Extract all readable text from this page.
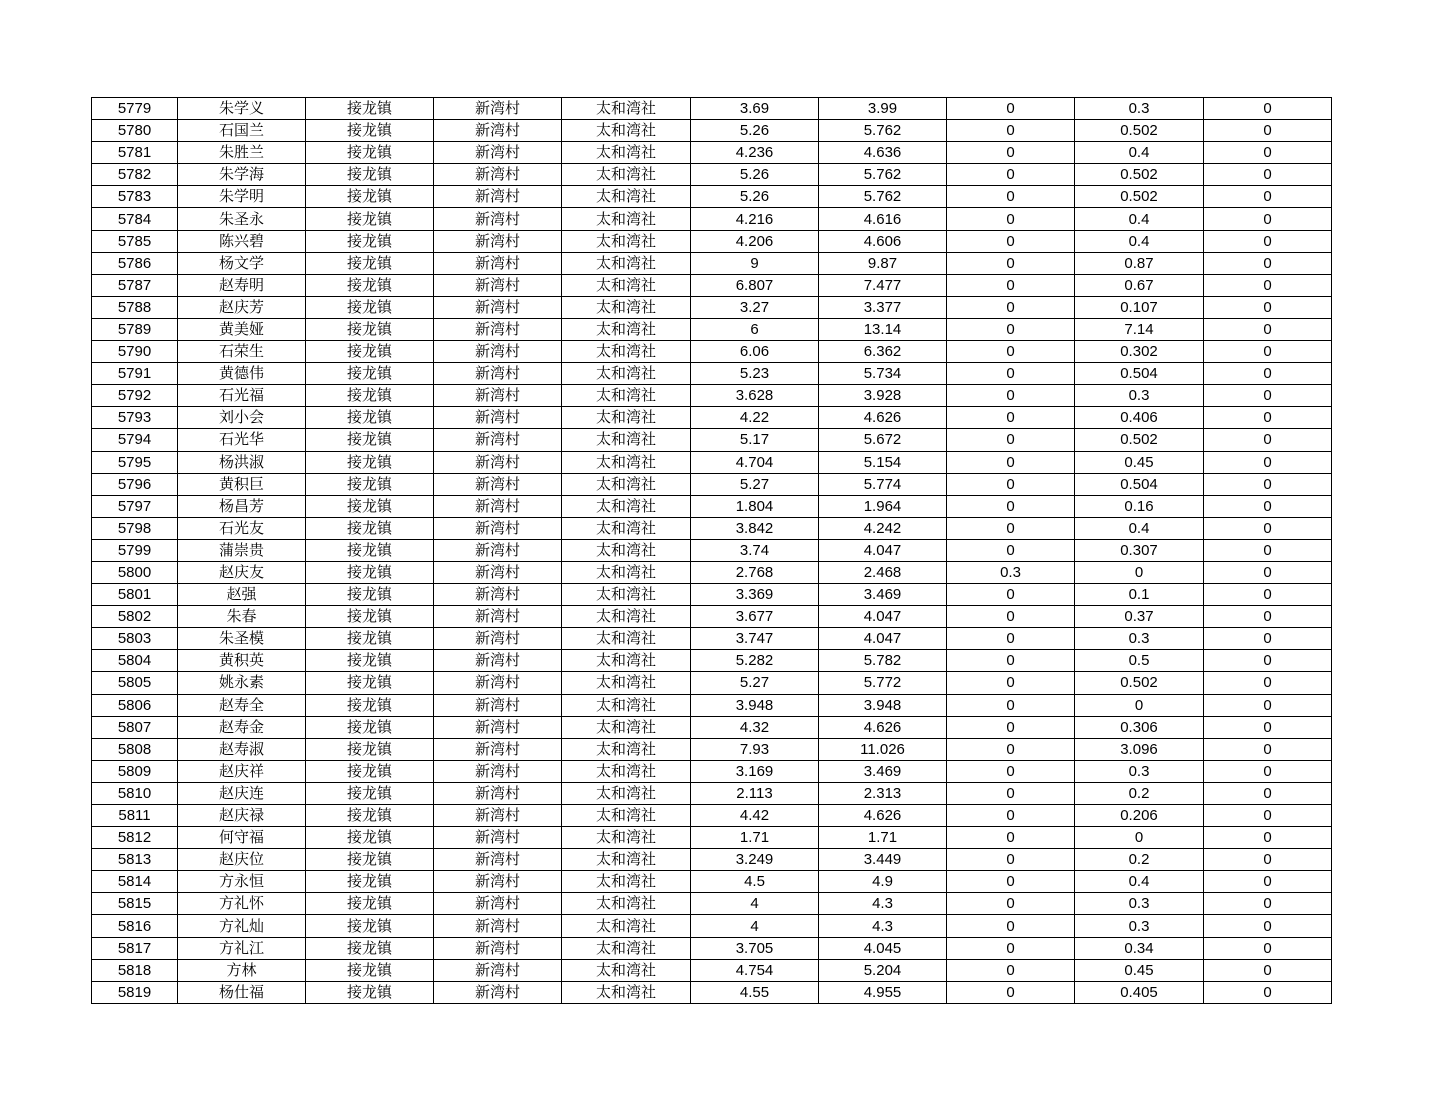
5779	朱学义	接龙镇	新湾村	太和湾社	3.69	3.99	0	0.3	0
5780	石国兰	接龙镇	新湾村	太和湾社	5.26	5.762	0	0.502	0
5781	朱胜兰	接龙镇	新湾村	太和湾社	4.236	4.636	0	0.4	0
5782	朱学海	接龙镇	新湾村	太和湾社	5.26	5.762	0	0.502	0
5783	朱学明	接龙镇	新湾村	太和湾社	5.26	5.762	0	0.502	0
5784	朱圣永	接龙镇	新湾村	太和湾社	4.216	4.616	0	0.4	0
5785	陈兴碧	接龙镇	新湾村	太和湾社	4.206	4.606	0	0.4	0
5786	杨文学	接龙镇	新湾村	太和湾社	9	9.87	0	0.87	0
5787	赵寿明	接龙镇	新湾村	太和湾社	6.807	7.477	0	0.67	0
5788	赵庆芳	接龙镇	新湾村	太和湾社	3.27	3.377	0	0.107	0
5789	黄美娅	接龙镇	新湾村	太和湾社	6	13.14	0	7.14	0
5790	石荣生	接龙镇	新湾村	太和湾社	6.06	6.362	0	0.302	0
5791	黄德伟	接龙镇	新湾村	太和湾社	5.23	5.734	0	0.504	0
5792	石光福	接龙镇	新湾村	太和湾社	3.628	3.928	0	0.3	0
5793	刘小会	接龙镇	新湾村	太和湾社	4.22	4.626	0	0.406	0
5794	石光华	接龙镇	新湾村	太和湾社	5.17	5.672	0	0.502	0
5795	杨洪淑	接龙镇	新湾村	太和湾社	4.704	5.154	0	0.45	0
5796	黄积巨	接龙镇	新湾村	太和湾社	5.27	5.774	0	0.504	0
5797	杨昌芳	接龙镇	新湾村	太和湾社	1.804	1.964	0	0.16	0
5798	石光友	接龙镇	新湾村	太和湾社	3.842	4.242	0	0.4	0
5799	蒲崇贵	接龙镇	新湾村	太和湾社	3.74	4.047	0	0.307	0
5800	赵庆友	接龙镇	新湾村	太和湾社	2.768	2.468	0.3	0	0
5801	赵强	接龙镇	新湾村	太和湾社	3.369	3.469	0	0.1	0
5802	朱春	接龙镇	新湾村	太和湾社	3.677	4.047	0	0.37	0
5803	朱圣模	接龙镇	新湾村	太和湾社	3.747	4.047	0	0.3	0
5804	黄积英	接龙镇	新湾村	太和湾社	5.282	5.782	0	0.5	0
5805	姚永素	接龙镇	新湾村	太和湾社	5.27	5.772	0	0.502	0
5806	赵寿全	接龙镇	新湾村	太和湾社	3.948	3.948	0	0	0
5807	赵寿金	接龙镇	新湾村	太和湾社	4.32	4.626	0	0.306	0
5808	赵寿淑	接龙镇	新湾村	太和湾社	7.93	11.026	0	3.096	0
5809	赵庆祥	接龙镇	新湾村	太和湾社	3.169	3.469	0	0.3	0
5810	赵庆连	接龙镇	新湾村	太和湾社	2.113	2.313	0	0.2	0
5811	赵庆禄	接龙镇	新湾村	太和湾社	4.42	4.626	0	0.206	0
5812	何守福	接龙镇	新湾村	太和湾社	1.71	1.71	0	0	0
5813	赵庆位	接龙镇	新湾村	太和湾社	3.249	3.449	0	0.2	0
5814	方永恒	接龙镇	新湾村	太和湾社	4.5	4.9	0	0.4	0
5815	方礼怀	接龙镇	新湾村	太和湾社	4	4.3	0	0.3	0
5816	方礼灿	接龙镇	新湾村	太和湾社	4	4.3	0	0.3	0
5817	方礼江	接龙镇	新湾村	太和湾社	3.705	4.045	0	0.34	0
5818	方林	接龙镇	新湾村	太和湾社	4.754	5.204	0	0.45	0
5819	杨仕福	接龙镇	新湾村	太和湾社	4.55	4.955	0	0.405	0
